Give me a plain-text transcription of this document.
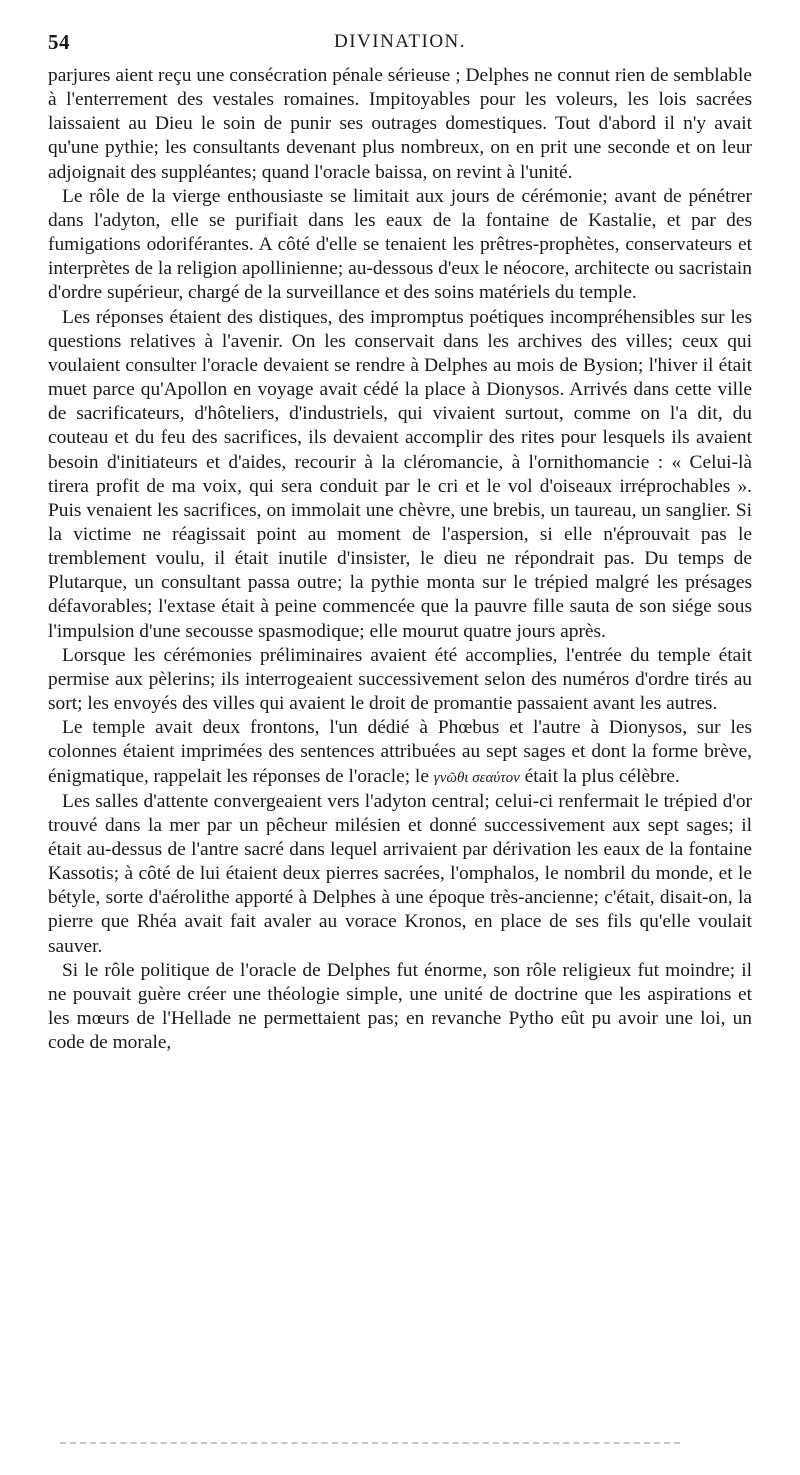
54	DIVINATION.

parjures aient reçu une consécration pénale sérieuse ; Delphes ne connut rien de semblable à l'enterrement des vestales romaines. Impitoyables pour les voleurs, les lois sacrées laissaient au Dieu le soin de punir ses outrages domestiques. Tout d'abord il n'y avait qu'une pythie; les consultants devenant plus nombreux, on en prit une seconde et on leur adjoignait des suppléantes; quand l'oracle baissa, on revint à l'unité.

Le rôle de la vierge enthousiaste se limitait aux jours de cérémonie; avant de pénétrer dans l'adyton, elle se purifiait dans les eaux de la fontaine de Kastalie, et par des fumigations odoriférantes. A côté d'elle se tenaient les prêtres-prophètes, conservateurs et interprètes de la religion apollinienne; au-dessous d'eux le néocore, architecte ou sacristain d'ordre supérieur, chargé de la surveillance et des soins matériels du temple.

Les réponses étaient des distiques, des impromptus poétiques incompréhensibles sur les questions relatives à l'avenir. On les conservait dans les archives des villes; ceux qui voulaient consulter l'oracle devaient se rendre à Delphes au mois de Bysion; l'hiver il était muet parce qu'Apollon en voyage avait cédé la place à Dionysos. Arrivés dans cette ville de sacrificateurs, d'hôteliers, d'industriels, qui vivaient surtout, comme on l'a dit, du couteau et du feu des sacrifices, ils devaient accomplir des rites pour lesquels ils avaient besoin d'initiateurs et d'aides, recourir à la cléromancie, à l'ornithomancie : « Celui-là tirera profit de ma voix, qui sera conduit par le cri et le vol d'oiseaux irréprochables ». Puis venaient les sacrifices, on immolait une chèvre, une brebis, un taureau, un sanglier. Si la victime ne réagissait point au moment de l'aspersion, si elle n'éprouvait pas le tremblement voulu, il était inutile d'insister, le dieu ne répondrait pas. Du temps de Plutarque, un consultant passa outre; la pythie monta sur le trépied malgré les présages défavorables; l'extase était à peine commencée que la pauvre fille sauta de son siége sous l'impulsion d'une secousse spasmodique; elle mourut quatre jours après.

Lorsque les cérémonies préliminaires avaient été accomplies, l'entrée du temple était permise aux pèlerins; ils interrogeaient successivement selon des numéros d'ordre tirés au sort; les envoyés des villes qui avaient le droit de promantie passaient avant les autres.

Le temple avait deux frontons, l'un dédié à Phœbus et l'autre à Dionysos, sur les colonnes étaient imprimées des sentences attribuées au sept sages et dont la forme brève, énigmatique, rappelait les réponses de l'oracle; le γνῶθι σεαύτον était la plus célèbre.

Les salles d'attente convergeaient vers l'adyton central; celui-ci renfermait le trépied d'or trouvé dans la mer par un pêcheur milésien et donné successivement aux sept sages; il était au-dessus de l'antre sacré dans lequel arrivaient par dérivation les eaux de la fontaine Kassotis; à côté de lui étaient deux pierres sacrées, l'omphalos, le nombril du monde, et le bétyle, sorte d'aérolithe apporté à Delphes à une époque très-ancienne; c'était, disait-on, la pierre que Rhéa avait fait avaler au vorace Kronos, en place de ses fils qu'elle voulait sauver.

Si le rôle politique de l'oracle de Delphes fut énorme, son rôle religieux fut moindre; il ne pouvait guère créer une théologie simple, une unité de doctrine que les aspirations et les mœurs de l'Hellade ne permettaient pas; en revanche Pytho eût pu avoir une loi, un code de morale,
